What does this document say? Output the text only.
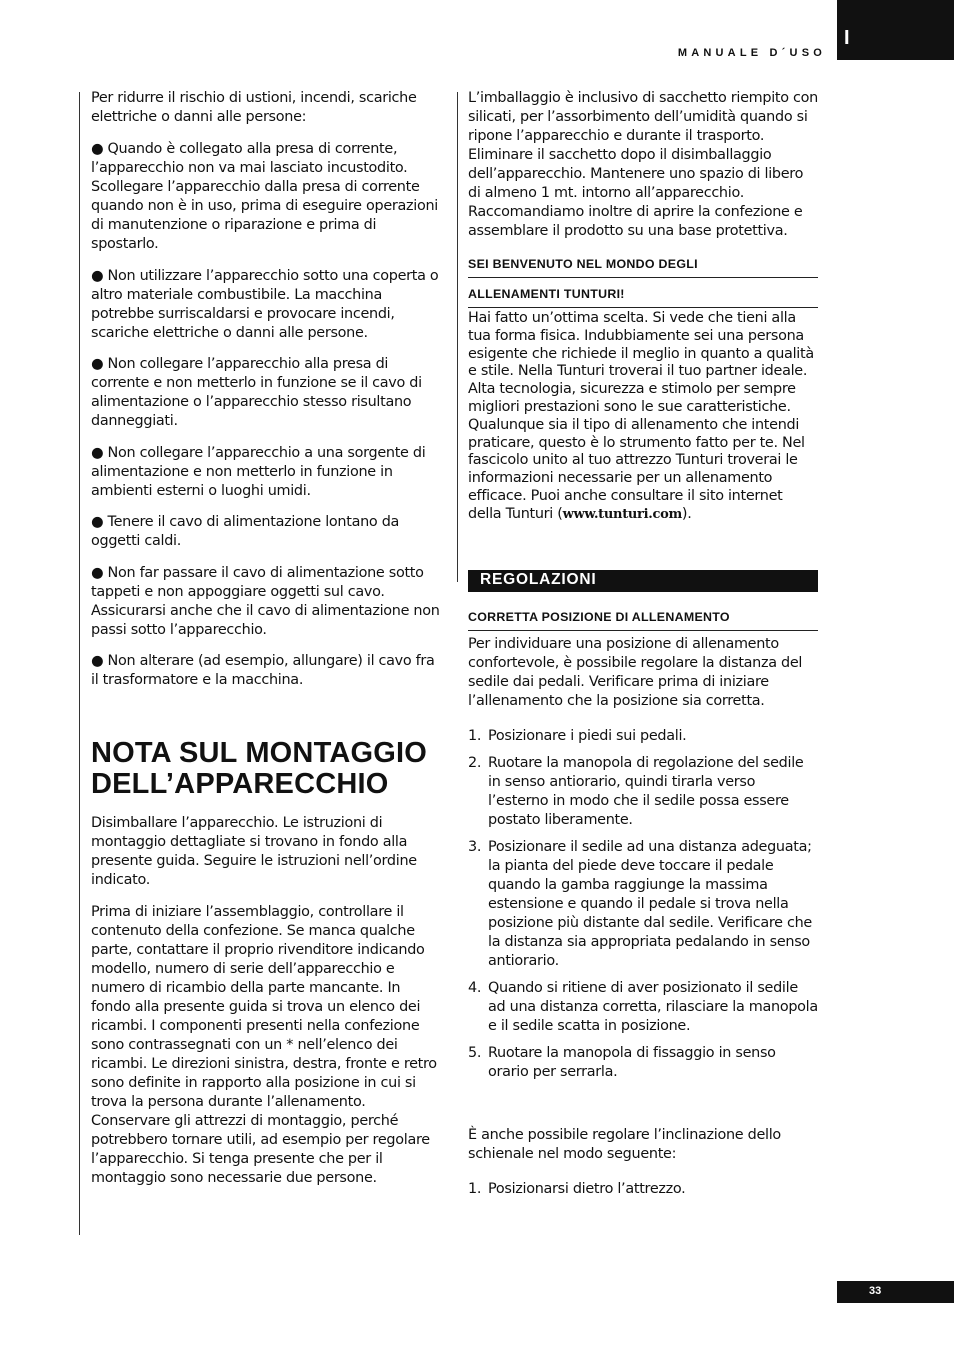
MANUALE D´USO
I

Per ridurre il rischio di ustioni, incendi, scariche elettriche o danni alle persone:

● Quando è collegato alla presa di corrente, l’apparecchio non va mai lasciato incustodito. Scollegare l’apparecchio dalla presa di corrente quando non è in uso, prima di eseguire operazioni di manutenzione o riparazione e prima di spostarlo.

● Non utilizzare l’apparecchio sotto una coperta o altro materiale combustibile. La macchina potrebbe surriscaldarsi e provocare incendi, scariche elettriche o danni alle persone.

● Non collegare l’apparecchio alla presa di corrente e non metterlo in funzione se il cavo di alimentazione o l’apparecchio stesso risultano danneggiati.

● Non collegare l’apparecchio a una sorgente di alimentazione e non metterlo in funzione in ambienti esterni o luoghi umidi.

● Tenere il cavo di alimentazione lontano da oggetti caldi.

● Non far passare il cavo di alimentazione sotto tappeti e non appoggiare oggetti sul cavo. Assicurarsi anche che il cavo di alimentazione non passi sotto l’apparecchio.

● Non alterare (ad esempio, allungare) il cavo fra il trasformatore e la macchina.

NOTA SUL MONTAGGIO
DELL’APPARECCHIO

Disimballare l’apparecchio. Le istruzioni di montaggio dettagliate si trovano in fondo alla presente guida. Seguire le istruzioni nell’ordine indicato.

Prima di iniziare l’assemblaggio, controllare il contenuto della confezione. Se manca qualche parte, contattare il proprio rivenditore indicando modello, numero di serie dell’apparecchio e numero di ricambio della parte mancante. In fondo alla presente guida si trova un elenco dei ricambi. I componenti presenti nella confezione sono contrassegnati con un * nell’elenco dei ricambi. Le direzioni sinistra, destra, fronte e retro sono definite in rapporto alla posizione in cui si trova la persona durante l’allenamento. Conservare gli attrezzi di montaggio, perché potrebbero tornare utili, ad esempio per regolare l’apparecchio. Si tenga presente che per il montaggio sono necessarie due persone.

L’imballaggio è inclusivo di sacchetto riempito con silicati, per l’assorbimento dell’umidità quando si ripone l’apparecchio e durante il trasporto. Eliminare il sacchetto dopo il disimballaggio dell’apparecchio. Mantenere uno spazio di libero di almeno 1 mt. intorno all’apparecchio. Raccomandiamo inoltre di aprire la confezione e assemblare il prodotto su una base protettiva.

SEI BENVENUTO NEL MONDO DEGLI
ALLENAMENTI TUNTURI!

Hai fatto un’ottima scelta. Si vede che tieni alla tua forma fisica. Indubbiamente sei una persona esigente che richiede il meglio in quanto a qualità e stile. Nella Tunturi troverai il tuo partner ideale. Alta tecnologia, sicurezza e stimolo per sempre migliori prestazioni sono le sue caratteristiche. Qualunque sia il tipo di allenamento che intendi praticare, questo è lo strumento fatto per te. Nel fascicolo unito al tuo attrezzo Tunturi troverai le informazioni necessarie per un allenamento efficace. Puoi anche consultare il sito internet della Tunturi (www.tunturi.com).

REGOLAZIONI
CORRETTA POSIZIONE DI ALLENAMENTO

Per individuare una posizione di allenamento confortevole, è possibile regolare la distanza del sedile dai pedali. Verificare prima di iniziare l’allenamento che la posizione sia corretta.

1. Posizionare i piedi sui pedali.
2. Ruotare la manopola di regolazione del sedile in senso antiorario, quindi tirarla verso l’esterno in modo che il sedile possa essere postato liberamente.
3. Posizionare il sedile ad una distanza adeguata; la pianta del piede deve toccare il pedale quando la gamba raggiunge la massima estensione e quando il pedale si trova nella posizione più distante dal sedile. Verificare che la distanza sia appropriata pedalando in senso antiorario.
4. Quando si ritiene di aver posizionato il sedile ad una distanza corretta, rilasciare la manopola e il sedile scatta in posizione.
5. Ruotare la manopola di fissaggio in senso orario per serrarla.

È anche possibile regolare l’inclinazione dello schienale nel modo seguente:

1. Posizionarsi dietro l’attrezzo.
33
